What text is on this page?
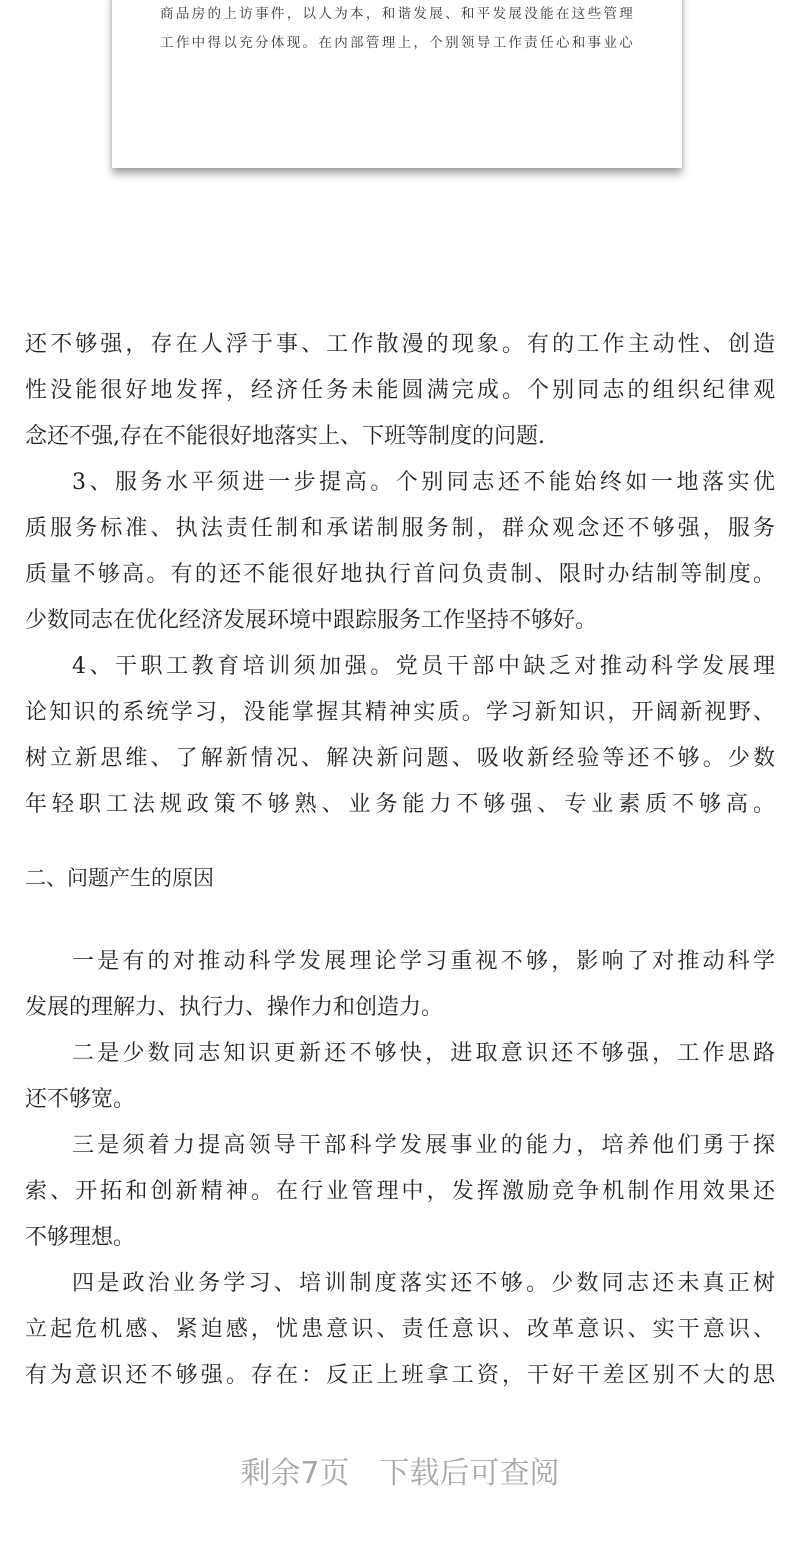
商品房的上访事件，以人为本，和谐发展、和平发展没能在这些管理
工作中得以充分体现。在内部管理上，个别领导工作责任心和事业心
还不够强，存在人浮于事、工作散漫的现象。有的工作主动性、创造
性没能很好地发挥，经济任务未能圆满完成。个别同志的组织纪律观
念还不强,存在不能很好地落实上、下班等制度的问题.
3、服务水平须进一步提高。个别同志还不能始终如一地落实优
质服务标准、执法责任制和承诺制服务制，群众观念还不够强，服务
质量不够高。有的还不能很好地执行首问负责制、限时办结制等制度。
少数同志在优化经济发展环境中跟踪服务工作坚持不够好。
4、干职工教育培训须加强。党员干部中缺乏对推动科学发展理
论知识的系统学习，没能掌握其精神实质。学习新知识，开阔新视野、
树立新思维、了解新情况、解决新问题、吸收新经验等还不够。少数
年轻职工法规政策不够熟、业务能力不够强、专业素质不够高。
二、问题产生的原因
一是有的对推动科学发展理论学习重视不够，影响了对推动科学
发展的理解力、执行力、操作力和创造力。
二是少数同志知识更新还不够快，进取意识还不够强，工作思路
还不够宽。
三是须着力提高领导干部科学发展事业的能力，培养他们勇于探
索、开拓和创新精神。在行业管理中，发挥激励竞争机制作用效果还
不够理想。
四是政治业务学习、培训制度落实还不够。少数同志还未真正树
立起危机感、紧迫感，忧患意识、责任意识、改革意识、实干意识、
有为意识还不够强。存在：反正上班拿工资，干好干差区别不大的思
剩余7页　下载后可查阅
